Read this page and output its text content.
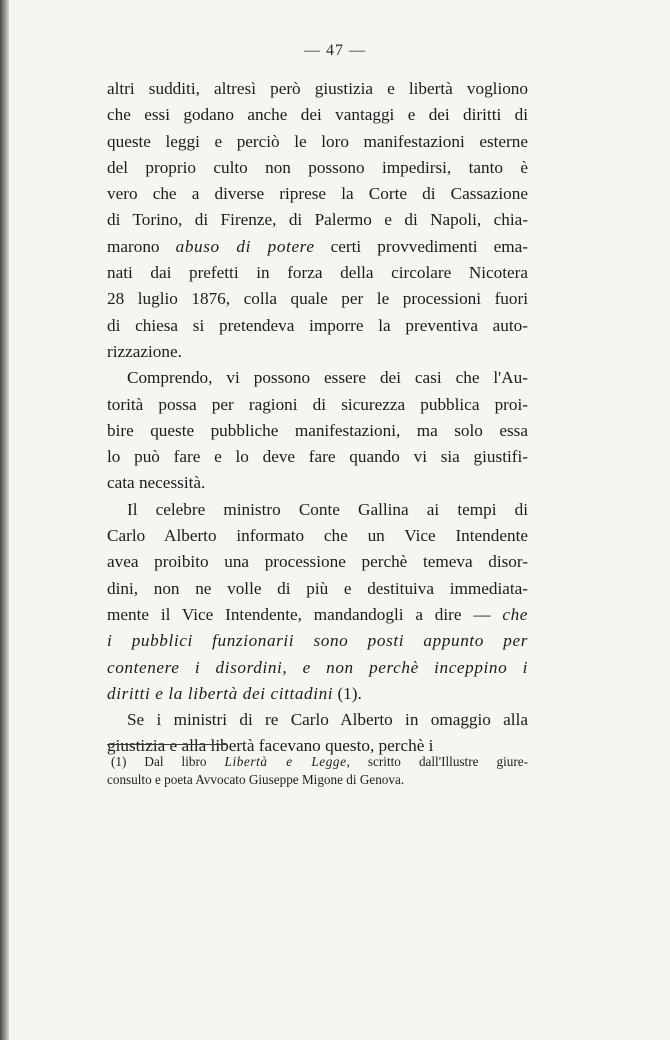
— 47 —
altri sudditi, altresì però giustizia e libertà vogliono
che essi godano anche dei vantaggi e dei diritti di
queste leggi e perciò le loro manifestazioni esterne
del proprio culto non possono impedirsi, tanto è
vero che a diverse riprese la Corte di Cassazione
di Torino, di Firenze, di Palermo e di Napoli, chia-
marono abuso di potere certi provvedimenti ema-
nati dai prefetti in forza della circolare Nicotera
28 luglio 1876, colla quale per le processioni fuori
di chiesa si pretendeva imporre la preventiva auto-
rizzazione.
Comprendo, vi possono essere dei casi che l'Au-
torità possa per ragioni di sicurezza pubblica proi-
bire queste pubbliche manifestazioni, ma solo essa
lo può fare e lo deve fare quando vi sia giustifi-
cata necessità.
Il celebre ministro Conte Gallina ai tempi di
Carlo Alberto informato che un Vice Intendente
avea proibito una processione perchè temeva disor-
dini, non ne volle di più e destituiva immediata-
mente il Vice Intendente, mandandogli a dire — che
i pubblici funzionarii sono posti appunto per
contenere i disordini, e non perchè inceppino i
diritti e la libertà dei cittadini (1).
Se i ministri di re Carlo Alberto in omaggio alla
giustizia e alla libertà facevano questo, perchè i
(1) Dal libro Libertà e Legge, scritto dall'Illustre giure-
consulto e poeta Avvocato Giuseppe Migone di Genova.
